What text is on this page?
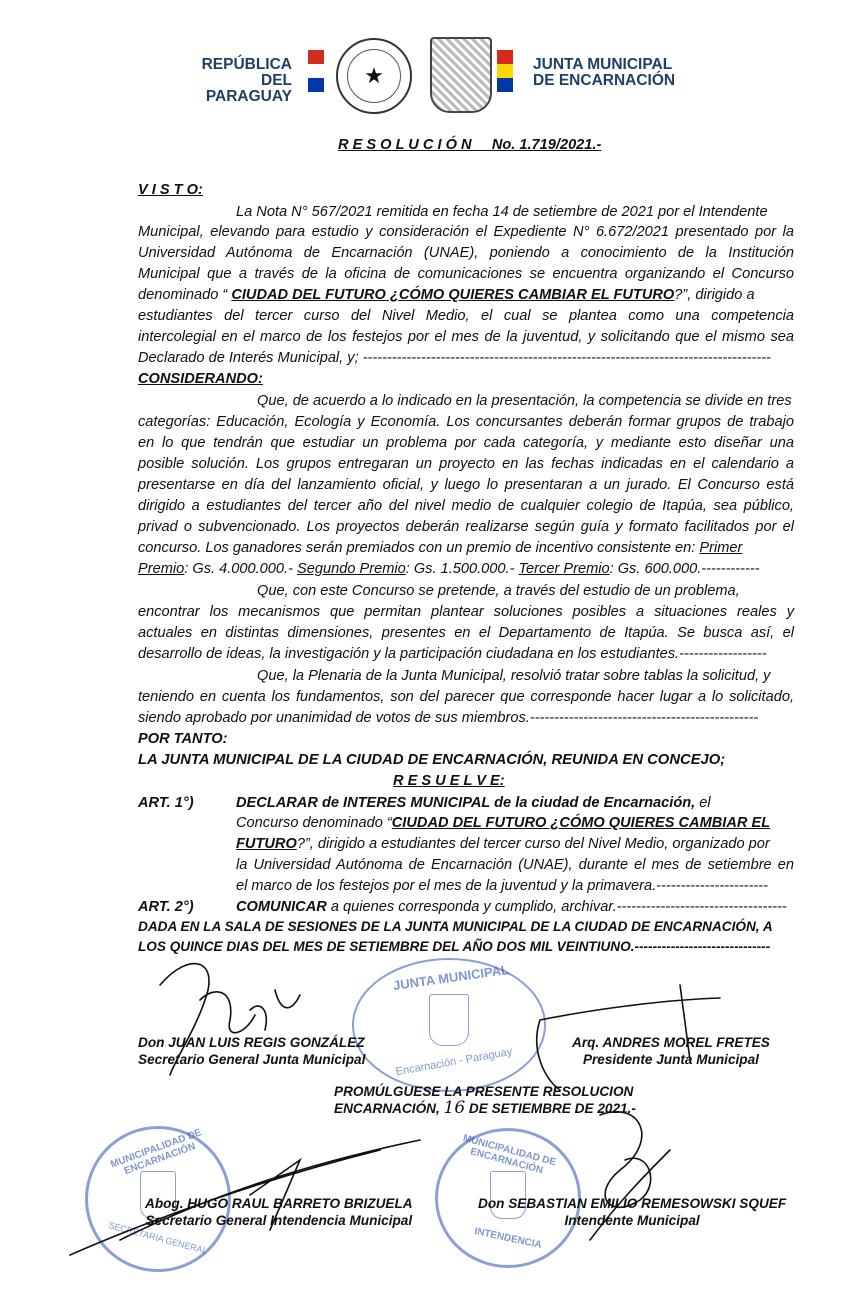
REPÚBLICA DEL
PARAGUAY
★	JUNTA MUNICIPAL
DE ENCARNACIÓN
R E S O L U C I Ó N No. 1.719/2021.-
V I S T O:
La Nota N° 567/2021 remitida en fecha 14 de setiembre de 2021 por el Intendente
Municipal, elevando para estudio y consideración el Expediente N° 6.672/2021 presentado por la
Universidad Autónoma de Encarnación (UNAE), poniendo a conocimiento de la Institución
Municipal que a través de la oficina de comunicaciones se encuentra organizando el Concurso
denominado “ CIUDAD DEL FUTURO ¿CÓMO QUIERES CAMBIAR EL FUTURO?”, dirigido a
estudiantes del tercer curso del Nivel Medio, el cual se plantea como una competencia
intercolegial en el marco de los festejos por el mes de la juventud, y solicitando que el mismo sea
Declarado de Interés Municipal, y; ------------------------------------------------------------------------------------
CONSIDERANDO:
Que, de acuerdo a lo indicado en la presentación, la competencia se divide en tres
categorías: Educación, Ecología y Economía. Los concursantes deberán formar grupos de trabajo
en lo que tendrán que estudiar un problema por cada categoría, y mediante esto diseñar una
posible solución. Los grupos entregaran un proyecto en las fechas indicadas en el calendario a
presentarse en día del lanzamiento oficial, y luego lo presentaran a un jurado. El Concurso está
dirigido a estudiantes del tercer año del nivel medio de cualquier colegio de Itapúa, sea público,
privad o subvencionado. Los proyectos deberán realizarse según guía y formato facilitados por el
concurso. Los ganadores serán premiados con un premio de incentivo consistente en: Primer
Premio: Gs. 4.000.000.- Segundo Premio: Gs. 1.500.000.- Tercer Premio: Gs. 600.000.------------
Que, con este Concurso se pretende, a través del estudio de un problema,
encontrar los mecanismos que permitan plantear soluciones posibles a situaciones reales y
actuales en distintas dimensiones, presentes en el Departamento de Itapúa. Se busca así, el
desarrollo de ideas, la investigación y la participación ciudadana en los estudiantes.------------------
Que, la Plenaria de la Junta Municipal, resolvió tratar sobre tablas la solicitud, y
teniendo en cuenta los fundamentos, son del parecer que corresponde hacer lugar a lo solicitado,
siendo aprobado por unanimidad de votos de sus miembros.-----------------------------------------------
POR TANTO:
LA JUNTA MUNICIPAL DE LA CIUDAD DE ENCARNACIÓN, REUNIDA EN CONCEJO;
R E S U E L V E:
ART. 1°)	DECLARAR de INTERES MUNICIPAL de la ciudad de Encarnación, el
Concurso denominado “CIUDAD DEL FUTURO ¿CÓMO QUIERES CAMBIAR EL
FUTURO?”, dirigido a estudiantes del tercer curso del Nivel Medio, organizado por
la Universidad Autónoma de Encarnación (UNAE), durante el mes de setiembre en
el marco de los festejos por el mes de la juventud y la primavera.-----------------------
ART. 2°)	COMUNICAR a quienes corresponda y cumplido, archivar.-----------------------------------
DADA EN LA SALA DE SESIONES DE LA JUNTA MUNICIPAL DE LA CIUDAD DE ENCARNACIÓN, A
LOS QUINCE DIAS DEL MES DE SETIEMBRE DEL AÑO DOS MIL VEINTIUNO.------------------------------
JUNTA MUNICIPAL
Encarnación - Paraguay
Don JUAN LUIS REGIS GONZÁLEZ
Secretario General Junta Municipal
Arq. ANDRES MOREL FRETES
Presidente Junta Municipal
PROMÚLGUESE LA PRESENTE RESOLUCION
ENCARNACIÓN, 16 DE SETIEMBRE DE 2021.-
MUNICIPALIDAD DE ENCARNACIÓN
SECRETARIA GENERAL
MUNICIPALIDAD DE ENCARNACIÓN
INTENDENCIA
Abog. HUGO RAUL BARRETO BRIZUELA
Secretario General Intendencia Municipal
Don SEBASTIAN EMILIO REMESOWSKI SQUEF
Intendente Municipal
